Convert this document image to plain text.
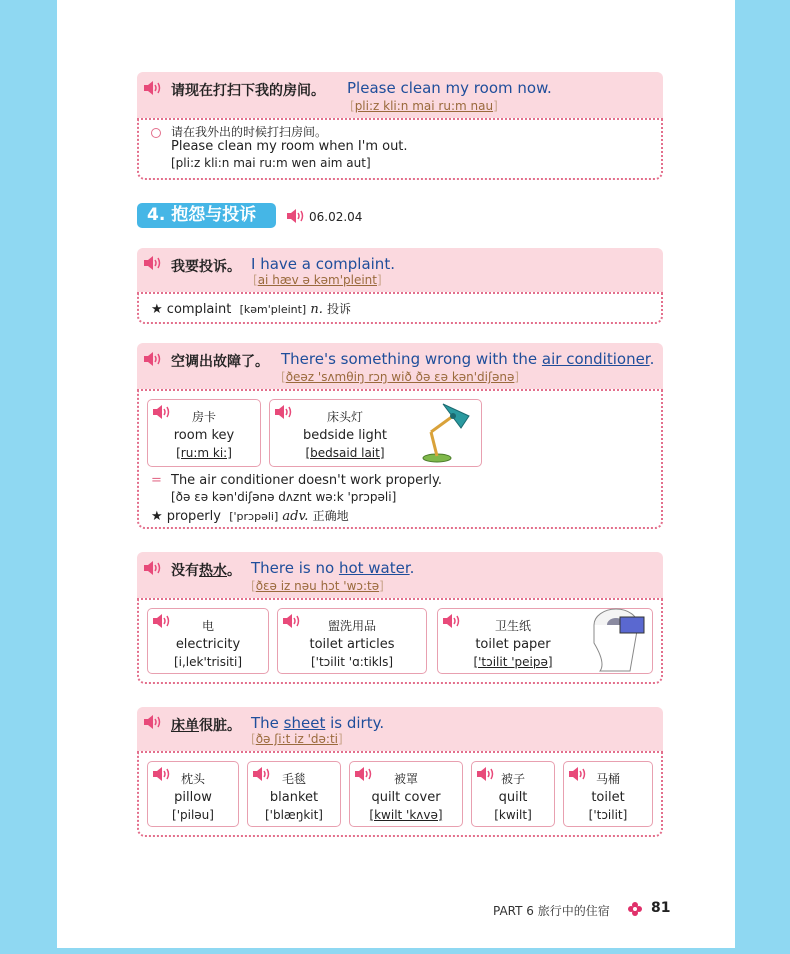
请现在打扫下我的房间。 Please clean my room now.
[pli:z kli:n mai ru:m nau]
请在我外出的时候打扫房间。
Please clean my room when I'm out.
[pli:z kli:n mai ru:m wen aim aut]
4. 抱怨与投诉	06.02.04
我要投诉。 I have a complaint.
[ai hæv ə kəm'pleint]
★ complaint [kəm'pleint] n. 投诉
空调出故障了。 There's something wrong with the air conditioner.
[ðeəz 'sʌmθiŋ rɔŋ wið ðə εə kən'diʃənə]
房卡
room key
[ru:m ki:]
床头灯
bedside light
[bedsaid lait]
= The air conditioner doesn't work properly.
[ðə εə kən'diʃənə dʌznt wə:k 'prɔpəli]
★ properly ['prɔpəli] adv. 正确地
没有热水。 There is no hot water.
[ðεə iz nəu hɔt 'wɔ:tə]
电
electricity
[i,lek'trisiti]
盥洗用品
toilet articles
['tɔilit 'ɑ:tikls]
卫生纸
toilet paper
['tɔilit 'peipə]
床单很脏。 The sheet is dirty.
[ðə ʃi:t iz 'də:ti]
枕头
pillow
['piləu]
毛毯
blanket
['blæŋkit]
被罩
quilt cover
[kwilt 'kʌvə]
被子
quilt
[kwilt]
马桶
toilet
['tɔilit]
PART 6 旅行中的住宿	81
